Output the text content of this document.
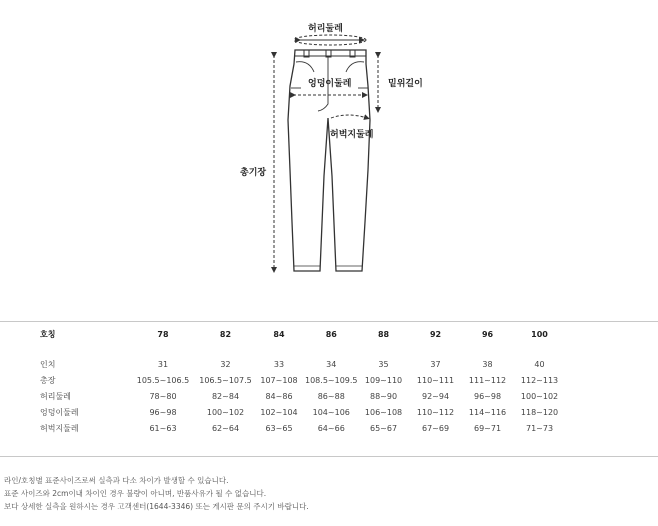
허리둘레
엉덩이둘레	밑위길이
허벅지둘레
총기장
호칭	78	82	84	86	88	92	96	100	

인치	31	32	33	34	35	37	38	40	
총장	105.5~106.5	106.5~107.5	107~108	108.5~109.5	109~110	110~111	111~112	112~113	
허리둘레	78~80	82~84	84~86	86~88	88~90	92~94	96~98	100~102	
엉덩이둘레	96~98	100~102	102~104	104~106	106~108	110~112	114~116	118~120	
허벅지둘레	61~63	62~64	63~65	64~66	65~67	67~69	69~71	71~73	
라인/호칭별 표준사이즈로써 실측과 다소 차이가 발생할 수 있습니다.
표준 사이즈와 2cm이내 차이인 경우 불량이 아니며, 반품사유가 될 수 없습니다.
보다 상세한 실측을 원하시는 경우 고객센터(1644-3346) 또는 게시판 문의 주시기 바랍니다.
